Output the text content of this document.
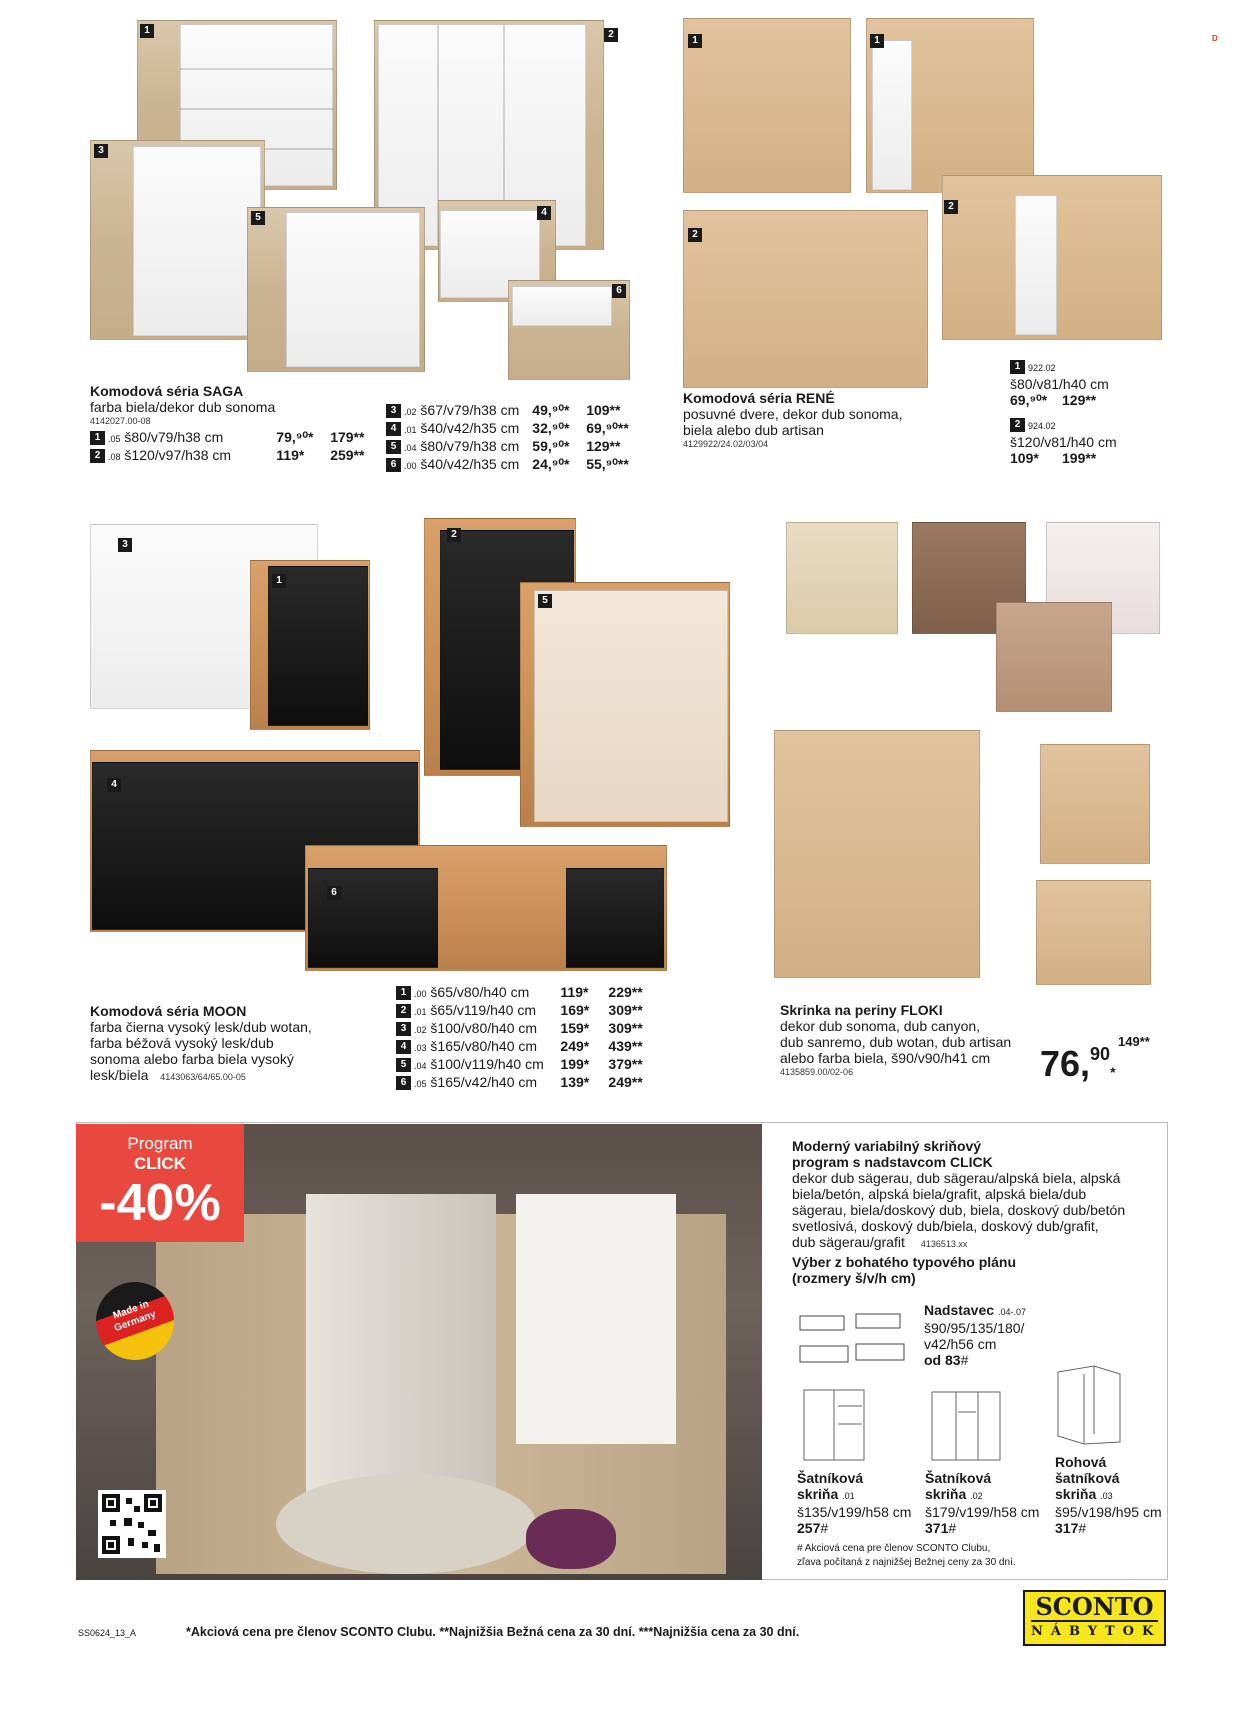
D
1	2
3
5	4
6
Komodová séria SAGA
farba biela/dekor dub sonoma
4142027.00-08
1 .05 š80/v79/h38 cm	79,⁹⁰* 179**
2 .08 š120/v97/h38 cm	119* 259**
3 .02 š67/v79/h38 cm 49,⁹⁰* 109**
4 .01 š40/v42/h35 cm 32,⁹⁰* 69,⁹⁰**
5 .04 š80/v79/h38 cm 59,⁹⁰* 129**
6 .00 š40/v42/h35 cm 24,⁹⁰* 55,⁹⁰**
1	1
2
2
Komodová séria RENÉ
posuvné dvere, dekor dub sonoma,
biela alebo dub artisan
4129922/24.02/03/04
1 922.02
š80/v81/h40 cm
69,⁹⁰* 129**
2 924.02
š120/v81/h40 cm
109* 199**
3
1
2
5
4
6
Komodová séria MOON
farba čierna vysoký lesk/dub wotan,
farba béžová vysoký lesk/dub
sonoma alebo farba biela vysoký
lesk/biela 4143063/64/65.00-05
1 .00 š65/v80/h40 cm 119* 229**
2 .01 š65/v119/h40 cm 169* 309**
3 .02 š100/v80/h40 cm 159* 309**
4 .03 š165/v80/h40 cm 249* 439**
5 .04 š100/v119/h40 cm 199* 379**
6 .05 š165/v42/h40 cm 139* 249**
Skrinka na periny FLOKI
dekor dub sonoma, dub canyon,
dub sanremo, dub wotan, dub artisan
alebo farba biela, š90/v90/h41 cm
4135859.00/02-06
149**
76,90*
Program
CLICK
-40%
Made in Germany
Moderný variabilný skriňový
program s nadstavcom CLICK
dekor dub sägerau, dub sägerau/alpská biela, alpská
biela/betón, alpská biela/grafit, alpská biela/dub
sägerau, biela/doskový dub, biela, doskový dub/betón
svetlosivá, doskový dub/biela, doskový dub/grafit,
dub sägerau/grafit 4136513.xx
Výber z bohatého typového plánu
(rozmery š/v/h cm)
Nadstavec .04-.07
š90/95/135/180/
v42/h56 cm
od 83#
Šatníková
skriňa .01
š135/v199/h58 cm
257#
Šatníková
skriňa .02
š179/v199/h58 cm
371#
Rohová
šatníková
skriňa .03
š95/v198/h95 cm
317#
# Akciová cena pre členov SCONTO Clubu,
zľava počítaná z najnižšej Bežnej ceny za 30 dní.
SS0624_13_A	*Akciová cena pre členov SCONTO Clubu. **Najnižšia Bežná cena za 30 dní. ***Najnižšia cena za 30 dní.
SCONTO
NÁBYTOK
